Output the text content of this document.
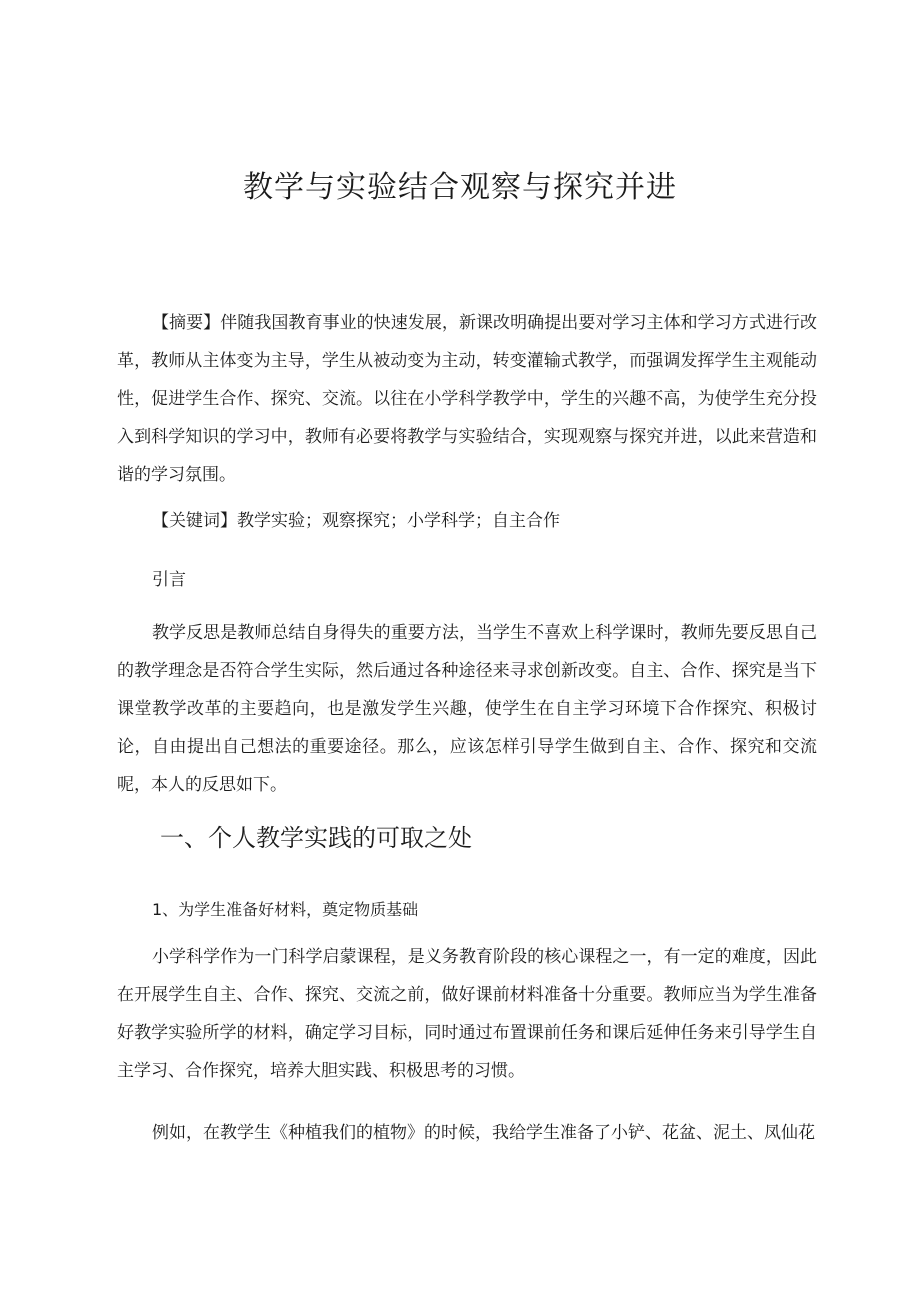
教学与实验结合观察与探究并进

【摘要】伴随我国教育事业的快速发展，新课改明确提出要对学习主体和学习方式进行改革，教师从主体变为主导，学生从被动变为主动，转变灌输式教学，而强调发挥学生主观能动性，促进学生合作、探究、交流。以往在小学科学教学中，学生的兴趣不高，为使学生充分投入到科学知识的学习中，教师有必要将教学与实验结合，实现观察与探究并进，以此来营造和谐的学习氛围。

【关键词】教学实验；观察探究；小学科学；自主合作

引言

教学反思是教师总结自身得失的重要方法，当学生不喜欢上科学课时，教师先要反思自己的教学理念是否符合学生实际，然后通过各种途径来寻求创新改变。自主、合作、探究是当下课堂教学改革的主要趋向，也是激发学生兴趣，使学生在自主学习环境下合作探究、积极讨论，自由提出自己想法的重要途径。那么，应该怎样引导学生做到自主、合作、探究和交流呢，本人的反思如下。

一、个人教学实践的可取之处
1、为学生准备好材料，奠定物质基础

小学科学作为一门科学启蒙课程，是义务教育阶段的核心课程之一，有一定的难度，因此在开展学生自主、合作、探究、交流之前，做好课前材料准备十分重要。教师应当为学生准备好教学实验所学的材料，确定学习目标，同时通过布置课前任务和课后延伸任务来引导学生自主学习、合作探究，培养大胆实践、积极思考的习惯。

例如，在教学生《种植我们的植物》的时候，我给学生准备了小铲、花盆、泥土、凤仙花
